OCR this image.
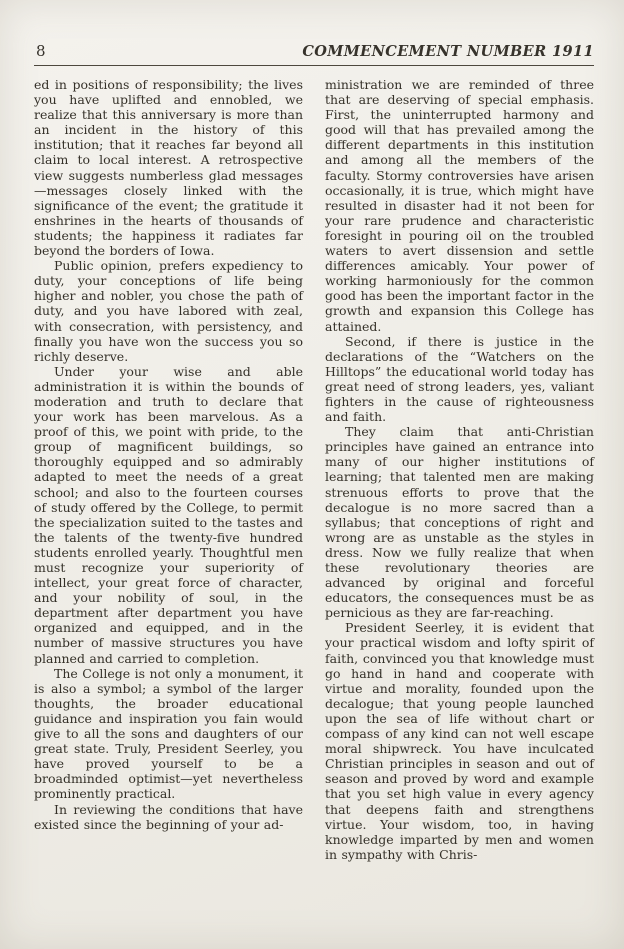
8	COMMENCEMENT NUMBER 1911

ed in positions of responsibility; the lives you have uplifted and ennobled, we realize that this anniversary is more than an incident in the history of this institution; that it reaches far beyond all claim to local interest. A retrospective view suggests numberless glad messages—messages closely linked with the significance of the event; the gratitude it enshrines in the hearts of thousands of students; the happiness it radiates far beyond the borders of Iowa.

Public opinion, prefers expediency to duty, your conceptions of life being higher and nobler, you chose the path of duty, and you have labored with zeal, with consecration, with persistency, and finally you have won the success you so richly deserve.

Under your wise and able administration it is within the bounds of moderation and truth to declare that your work has been marvelous. As a proof of this, we point with pride, to the group of magnificent buildings, so thoroughly equipped and so admirably adapted to meet the needs of a great school; and also to the fourteen courses of study offered by the College, to permit the specialization suited to the tastes and the talents of the twenty-five hundred students enrolled yearly. Thoughtful men must recognize your superiority of intellect, your great force of character, and your nobility of soul, in the department after department you have organized and equipped, and in the number of massive structures you have planned and carried to completion.

The College is not only a monument, it is also a symbol; a symbol of the larger thoughts, the broader educational guidance and inspiration you fain would give to all the sons and daughters of our great state. Truly, President Seerley, you have proved yourself to be a broadminded optimist—yet nevertheless prominently practical.

In reviewing the conditions that have existed since the beginning of your ad-

ministration we are reminded of three that are deserving of special emphasis. First, the uninterrupted harmony and good will that has prevailed among the different departments in this institution and among all the members of the faculty. Stormy controversies have arisen occasionally, it is true, which might have resulted in disaster had it not been for your rare prudence and characteristic foresight in pouring oil on the troubled waters to avert dissension and settle differences amicably. Your power of working harmoniously for the common good has been the important factor in the growth and expansion this College has attained.

Second, if there is justice in the declarations of the “Watchers on the Hilltops” the educational world today has great need of strong leaders, yes, valiant fighters in the cause of righteousness and faith.

They claim that anti-Christian principles have gained an entrance into many of our higher institutions of learning; that talented men are making strenuous efforts to prove that the decalogue is no more sacred than a syllabus; that conceptions of right and wrong are as unstable as the styles in dress. Now we fully realize that when these revolutionary theories are advanced by original and forceful educators, the consequences must be as pernicious as they are far-reaching.

President Seerley, it is evident that your practical wisdom and lofty spirit of faith, convinced you that knowledge must go hand in hand and cooperate with virtue and morality, founded upon the decalogue; that young people launched upon the sea of life without chart or compass of any kind can not well escape moral shipwreck. You have inculcated Christian principles in season and out of season and proved by word and example that you set high value in every agency that deepens faith and strengthens virtue. Your wisdom, too, in having knowledge imparted by men and women in sympathy with Chris-
